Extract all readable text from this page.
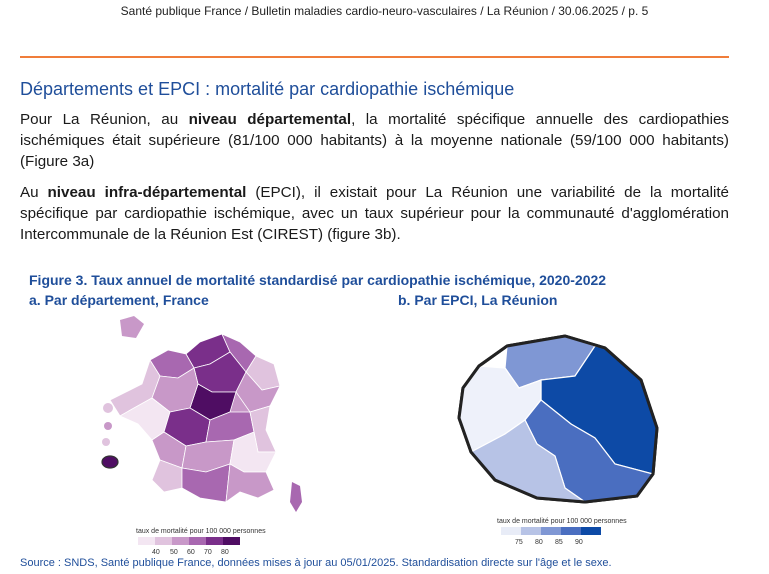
Santé publique France / Bulletin maladies cardio-neuro-vasculaires / La Réunion / 30.06.2025 / p. 5
Départements et EPCI : mortalité par cardiopathie ischémique
Pour La Réunion, au niveau départemental, la mortalité spécifique annuelle des cardiopathies ischémiques était supérieure (81/100 000 habitants) à la moyenne nationale (59/100 000 habitants) (Figure 3a)
Au niveau infra-départemental (EPCI), il existait pour La Réunion une variabilité de la mortalité spécifique par cardiopathie ischémique, avec un taux supérieur pour la communauté d'agglomération Intercommunale de la Réunion Est (CIREST) (figure 3b).
Figure 3. Taux annuel de mortalité standardisé par cardiopathie ischémique, 2020-2022
a. Par département, France	b. Par EPCI, La Réunion
taux de mortalité pour 100 000 personnes
40 50 60 70 80
taux de mortalité pour 100 000 personnes
75 80 85 90
Source : SNDS, Santé publique France, données mises à jour au 05/01/2025. Standardisation directe sur l'âge et le sexe.
